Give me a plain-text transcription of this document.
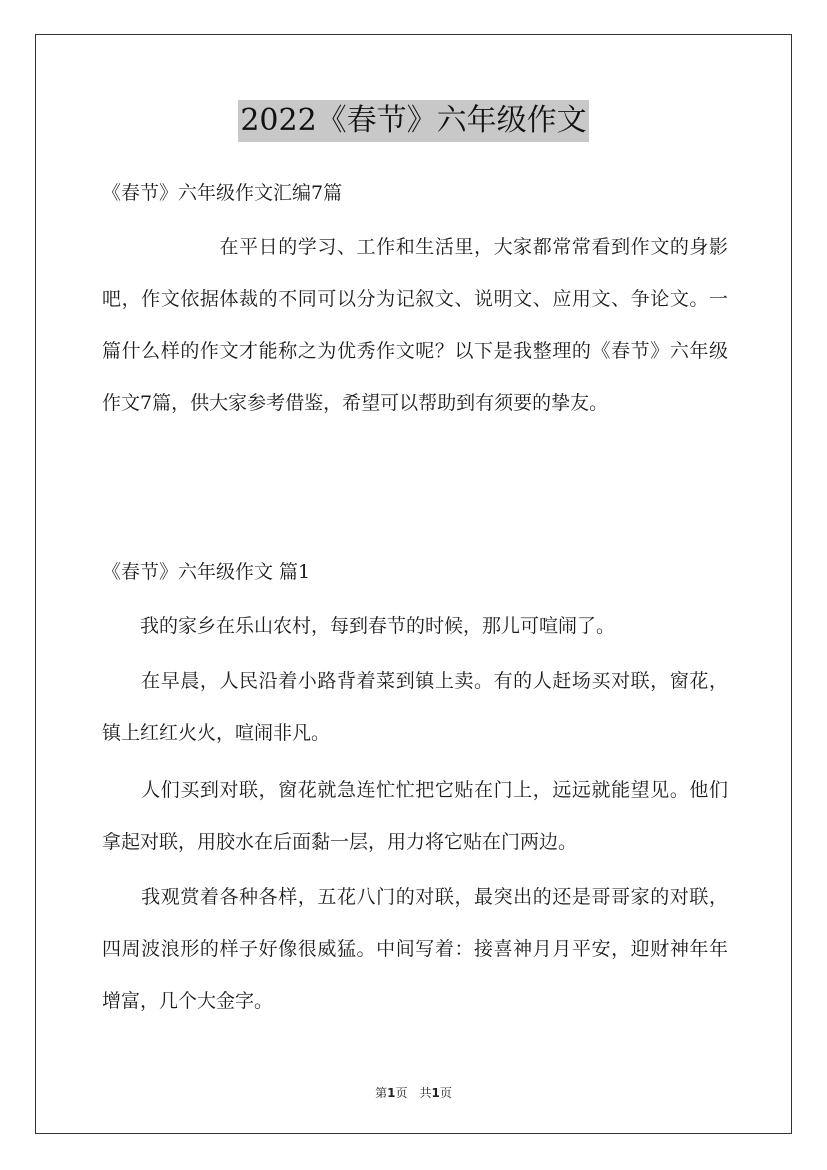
2022《春节》六年级作文

《春节》六年级作文汇编7篇

　　　　　　在平日的学习、工作和生活里，大家都常常看到作文的身影吧，作文依据体裁的不同可以分为记叙文、说明文、应用文、争论文。一篇什么样的作文才能称之为优秀作文呢？以下是我整理的《春节》六年级作文7篇，供大家参考借鉴，希望可以帮助到有须要的挚友。

《春节》六年级作文 篇1

　　我的家乡在乐山农村，每到春节的时候，那儿可喧闹了。

　　在早晨，人民沿着小路背着菜到镇上卖。有的人赶场买对联，窗花，镇上红红火火，喧闹非凡。

　　人们买到对联，窗花就急连忙忙把它贴在门上，远远就能望见。他们拿起对联，用胶水在后面黏一层，用力将它贴在门两边。

　　我观赏着各种各样，五花八门的对联，最突出的还是哥哥家的对联，四周波浪形的样子好像很威猛。中间写着：接喜神月月平安，迎财神年年增富，几个大金字。

第1页　共1页
